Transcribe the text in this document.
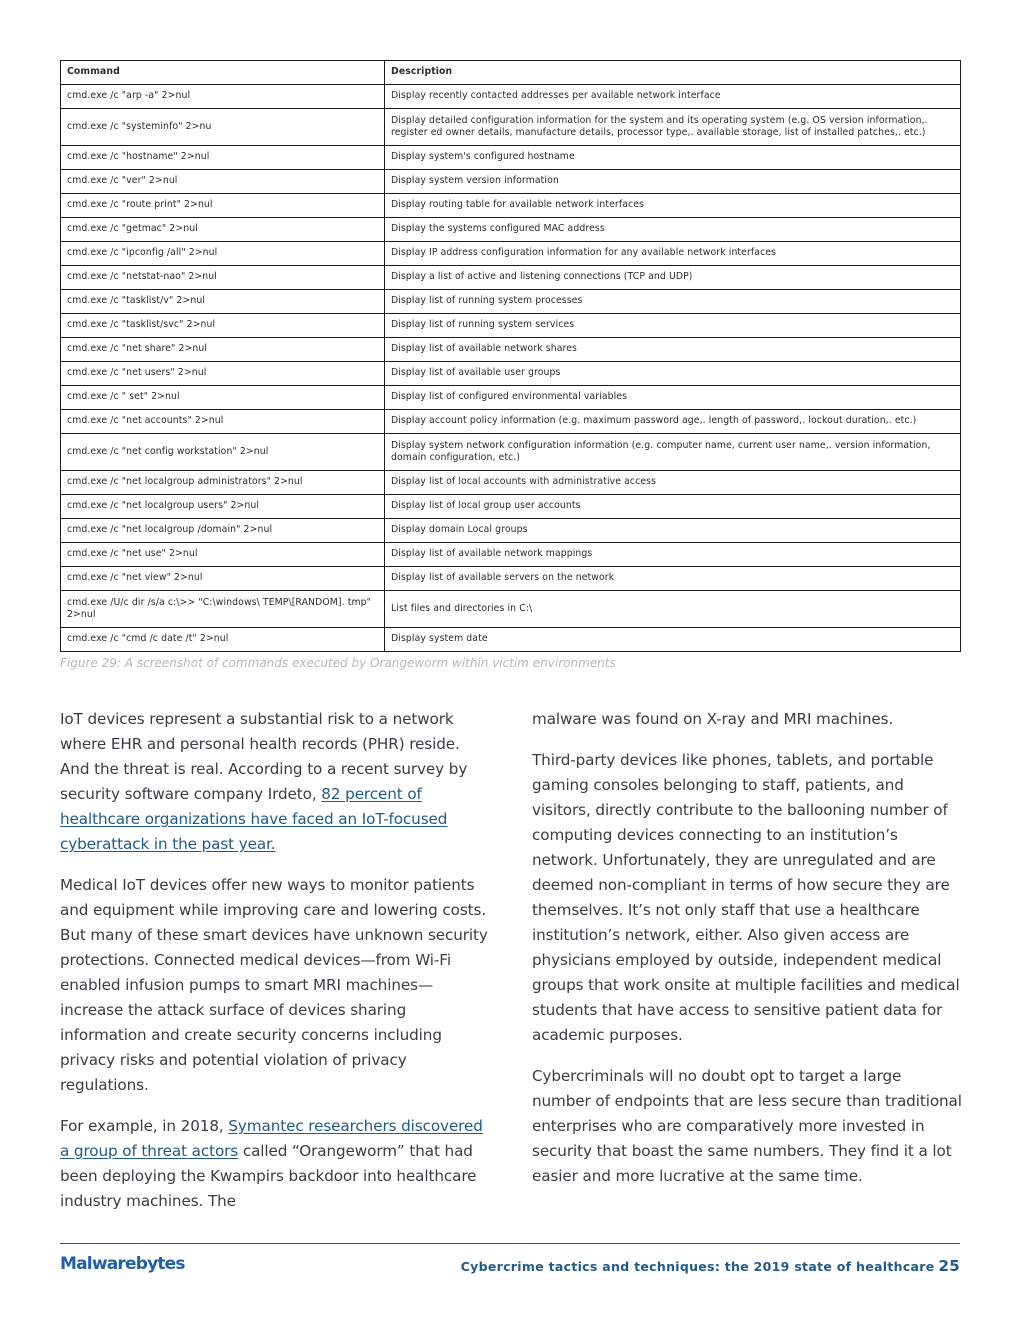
Command	Description
cmd.exe /c "arp -a" 2>nul	Display recently contacted addresses per available network interface
cmd.exe /c "systeminfo" 2>nu	Display detailed configuration information for the system and its operating system (e.g. OS version information,. register ed owner details, manufacture details, processor type,. available storage, list of installed patches,. etc.)
cmd.exe /c "hostname" 2>nul	Display system's configured hostname
cmd.exe /c "ver" 2>nul	Display system version information
cmd.exe /c "route print" 2>nul	Display routing table for available network interfaces
cmd.exe /c "getmac" 2>nul	Display the systems configured MAC address
cmd.exe /c "ipconfig /all" 2>nul	Display IP address configuration information for any available network interfaces
cmd.exe /c "netstat-nao" 2>nul	Display a list of active and listening connections (TCP and UDP)
cmd.exe /c "tasklist/v" 2>nul	Display list of running system processes
cmd.exe /c "tasklist/svc" 2>nul	Display list of running system services
cmd.exe /c "net share" 2>nul	Display list of available network shares
cmd.exe /c "net users" 2>nul	Display list of available user groups
cmd.exe /c " set" 2>nul	Display list of configured environmental variables
cmd.exe /c "net accounts" 2>nul	Display account policy information (e.g. maximum password age,. length of password,. lockout duration,. etc.)
cmd.exe /c "net config workstation" 2>nul	Display system network configuration information (e.g. computer name, current user name,. version information, domain configuration, etc.)
cmd.exe /c "net localgroup administrators" 2>nul	Display list of local accounts with administrative access
cmd.exe /c "net localgroup users" 2>nul	Display list of local group user accounts
cmd.exe /c "net localgroup /domain" 2>nul	Display domain Local groups
cmd.exe /c "net use" 2>nul	Display list of available network mappings
cmd.exe /c "net view" 2>nul	Display list of available servers on the network
cmd.exe /U/c dir /s/a c:\>> "C:\windows\ TEMP\[RANDOM]. tmp" 2>nul	List files and directories in C:\
cmd.exe /c "cmd /c date /t" 2>nul	Display system date
Figure 29: A screenshot of commands executed by Orangeworm within victim environments

IoT devices represent a substantial risk to a network where EHR and personal health records (PHR) reside. And the threat is real. According to a recent survey by security software company Irdeto, 82 percent of healthcare organizations have faced an IoT-focused cyberattack in the past year.

Medical IoT devices offer new ways to monitor patients and equipment while improving care and lowering costs. But many of these smart devices have unknown security protections. Connected medical devices—from Wi-Fi enabled infusion pumps to smart MRI machines—increase the attack surface of devices sharing information and create security concerns including privacy risks and potential violation of privacy regulations.

For example, in 2018, Symantec researchers discovered a group of threat actors called “Orangeworm” that had been deploying the Kwampirs backdoor into healthcare industry machines. The

malware was found on X-ray and MRI machines.

Third-party devices like phones, tablets, and portable gaming consoles belonging to staff, patients, and visitors, directly contribute to the ballooning number of computing devices connecting to an institution’s network. Unfortunately, they are unregulated and are deemed non-compliant in terms of how secure they are themselves. It’s not only staff that use a healthcare institution’s network, either. Also given access are physicians employed by outside, independent medical groups that work onsite at multiple facilities and medical students that have access to sensitive patient data for academic purposes.

Cybercriminals will no doubt opt to target a large number of endpoints that are less secure than traditional enterprises who are comparatively more invested in security that boast the same numbers. They find it a lot easier and more lucrative at the same time.

Malwarebytes	Cybercrime tactics and techniques: the 2019 state of healthcare 25
